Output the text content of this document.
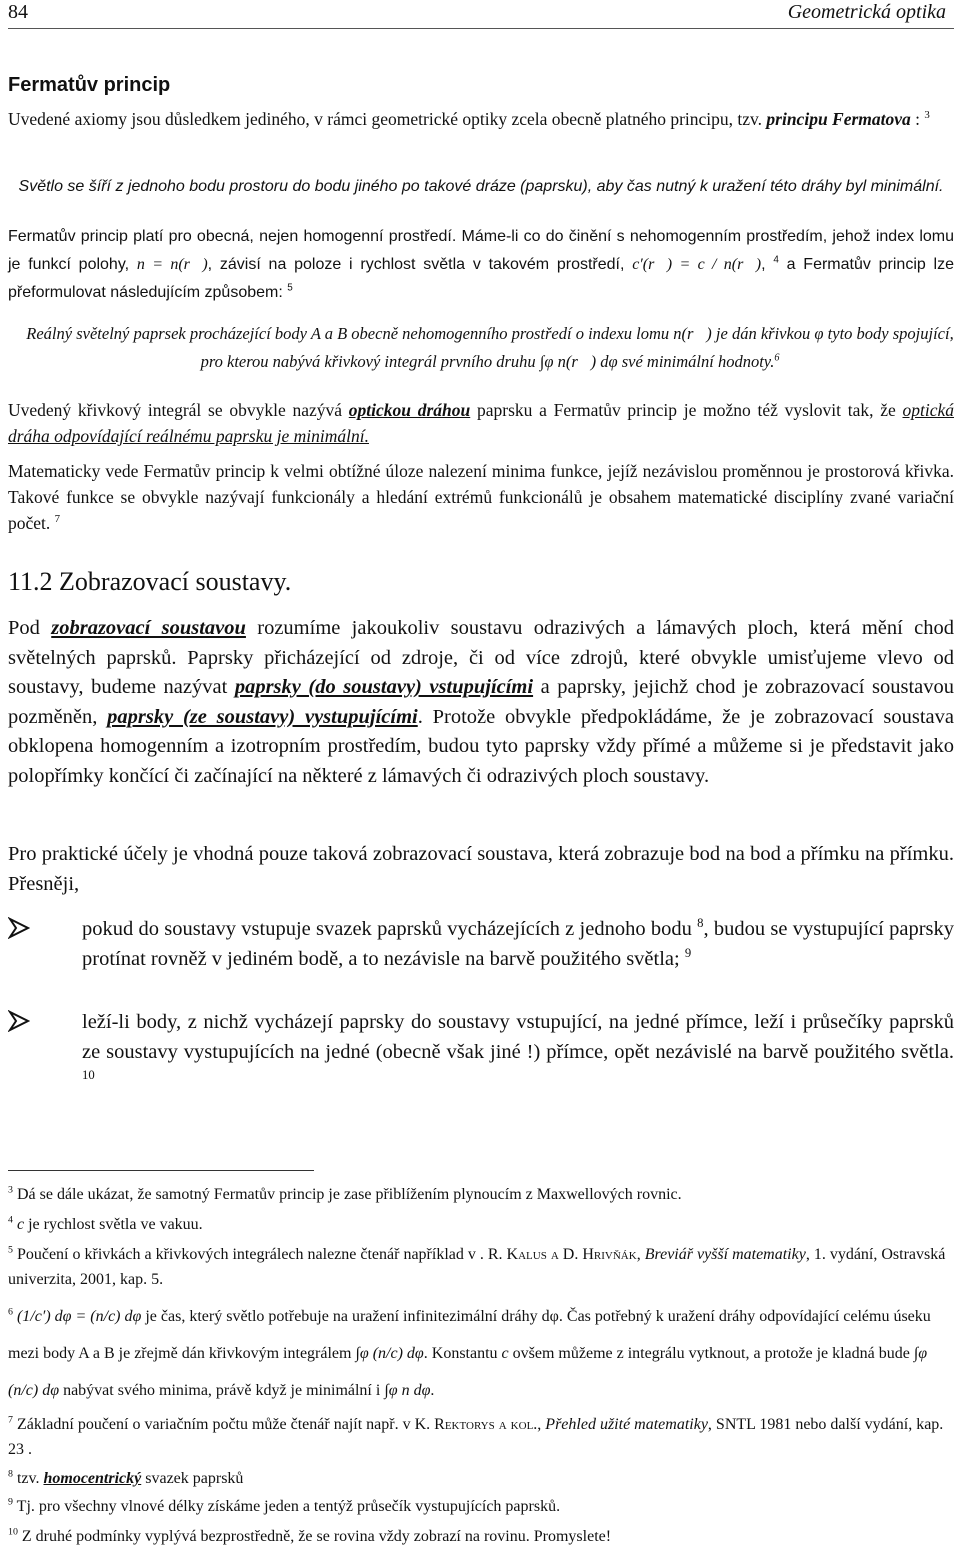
84	Geometrická optika
Fermatův princip

Uvedené axiomy jsou důsledkem jediného, v rámci geometrické optiky zcela obecně platného principu, tzv. principu Fermatova : $^3$

Světlo se šíří z jednoho bodu prostoru do bodu jiného po takové dráze (paprsku), aby čas nutný k uražení této dráhy byl minimální.

Fermatův princip platí pro obecná, nejen homogenní prostředí. Máme-li co do činění s nehomogenním prostředím, jehož index lomu je funkcí polohy, n = n(r⃗), závisí na poloze i rychlost světla v takovém prostředí, c′(r⃗) = c / n(r⃗), $^4$ a Fermatův princip lze přeformulovat následujícím způsobem: $^5$

Reálný světelný paprsek procházející body A a B obecně nehomogenního prostředí o indexu lomu n(r⃗) je dán křivkou φ tyto body spojující, pro kterou nabývá křivkový integrál prvního druhu ∫φ n(r⃗) dφ své minimální hodnoty.$^6$

Uvedený křivkový integrál se obvykle nazývá optickou dráhou paprsku a Fermatův princip je možno též vyslovit tak, že optická dráha odpovídající reálnému paprsku je minimální.

Matematicky vede Fermatův princip k velmi obtížné úloze nalezení minima funkce, jejíž nezávislou proměnnou je prostorová křivka. Takové funkce se obvykle nazývají funkcionály a hledání extrémů funkcionálů je obsahem matematické disciplíny zvané variační počet. $^7$

11.2 Zobrazovací soustavy.

Pod zobrazovací soustavou rozumíme jakoukoliv soustavu odrazivých a lámavých ploch, která mění chod světelných paprsků. Paprsky přicházející od zdroje, či od více zdrojů, které obvykle umisťujeme vlevo od soustavy, budeme nazývat paprsky (do soustavy) vstupujícími a paprsky, jejichž chod je zobrazovací soustavou pozměněn, paprsky (ze soustavy) vystupujícími. Protože obvykle předpokládáme, že je zobrazovací soustava obklopena homogenním a izotropním prostředím, budou tyto paprsky vždy přímé a můžeme si je představit jako polopřímky končící či začínající na některé z lámavých či odrazivých ploch soustavy.

Pro praktické účely je vhodná pouze taková zobrazovací soustava, která zobrazuje bod na bod a přímku na přímku. Přesněji,

pokud do soustavy vstupuje svazek paprsků vycházejících z jednoho bodu $^8$, budou se vystupující paprsky protínat rovněž v jediném bodě, a to nezávisle na barvě použitého světla; $^9$
leží-li body, z nichž vycházejí paprsky do soustavy vstupující, na jedné přímce, leží i průsečíky paprsků ze soustavy vystupujících na jedné (obecně však jiné !) přímce, opět nezávislé na barvě použitého světla. $^{10}$
$^3$ Dá se dále ukázat, že samotný Fermatův princip je zase přiblížením plynoucím z Maxwellových rovnic.
$^4$ c je rychlost světla ve vakuu.
$^5$ Poučení o křivkách a křivkových integrálech nalezne čtenář například v . R. Kalus a D. Hrivňák, Breviář vyšší matematiky, 1. vydání, Ostravská univerzita, 2001, kap. 5.
$^6$ (1/c′) dφ = (n/c) dφ je čas, který světlo potřebuje na uražení infinitezimální dráhy dφ. Čas potřebný k uražení dráhy odpovídající celému úseku mezi body A a B je zřejmě dán křivkovým integrálem ∫φ (n/c) dφ. Konstantu c ovšem můžeme z integrálu vytknout, a protože je kladná bude ∫φ (n/c) dφ nabývat svého minima, právě když je minimální i ∫φ n dφ.
$^7$ Základní poučení o variačním počtu může čtenář najít např. v K. Rektorys a kol., Přehled užité matematiky, SNTL 1981 nebo další vydání, kap. 23 .
$^8$ tzv. homocentrický svazek paprsků
$^9$ Tj. pro všechny vlnové délky získáme jeden a tentýž průsečík vystupujících paprsků.
$^{10}$ Z druhé podmínky vyplývá bezprostředně, že se rovina vždy zobrazí na rovinu. Promyslete!
